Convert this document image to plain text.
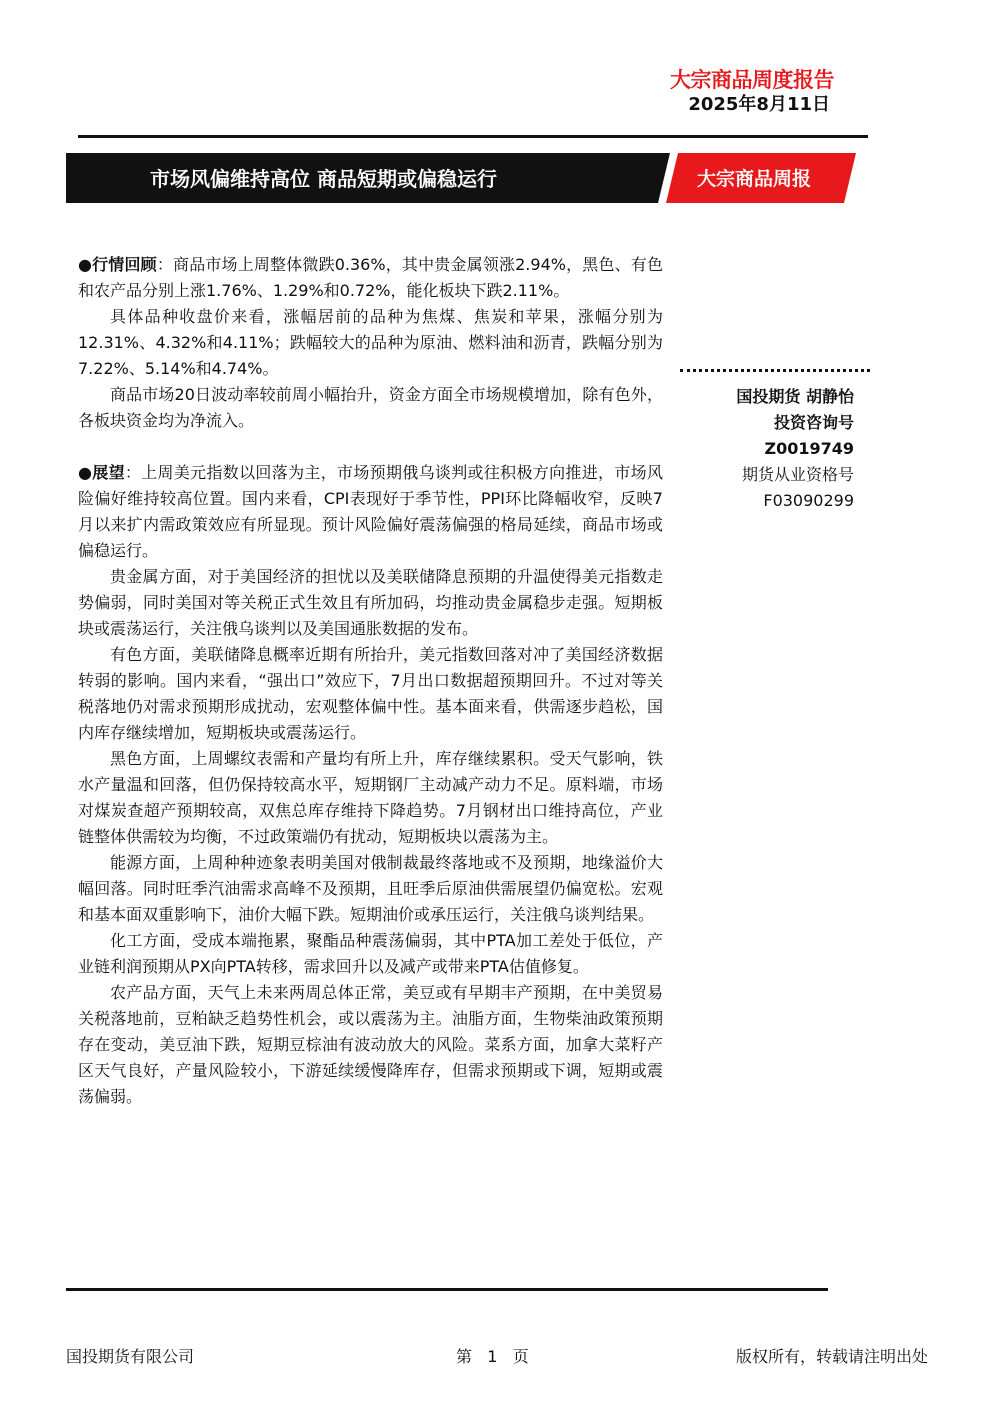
大宗商品周度报告
2025年8月11日
市场风偏维持高位 商品短期或偏稳运行	大宗商品周报

●行情回顾：商品市场上周整体微跌0.36%，其中贵金属领涨2.94%，黑色、有色和农产品分别上涨1.76%、1.29%和0.72%，能化板块下跌2.11%。

具体品种收盘价来看，涨幅居前的品种为焦煤、焦炭和苹果，涨幅分别为12.31%、4.32%和4.11%；跌幅较大的品种为原油、燃料油和沥青，跌幅分别为7.22%、5.14%和4.74%。

商品市场20日波动率较前周小幅抬升，资金方面全市场规模增加，除有色外，各板块资金均为净流入。

●展望：上周美元指数以回落为主，市场预期俄乌谈判或往积极方向推进，市场风险偏好维持较高位置。国内来看，CPI表现好于季节性，PPI环比降幅收窄，反映7月以来扩内需政策效应有所显现。预计风险偏好震荡偏强的格局延续，商品市场或偏稳运行。

贵金属方面，对于美国经济的担忧以及美联储降息预期的升温使得美元指数走势偏弱，同时美国对等关税正式生效且有所加码，均推动贵金属稳步走强。短期板块或震荡运行，关注俄乌谈判以及美国通胀数据的发布。

有色方面，美联储降息概率近期有所抬升，美元指数回落对冲了美国经济数据转弱的影响。国内来看，“强出口”效应下，7月出口数据超预期回升。不过对等关税落地仍对需求预期形成扰动，宏观整体偏中性。基本面来看，供需逐步趋松，国内库存继续增加，短期板块或震荡运行。

黑色方面，上周螺纹表需和产量均有所上升，库存继续累积。受天气影响，铁水产量温和回落，但仍保持较高水平，短期钢厂主动减产动力不足。原料端，市场对煤炭查超产预期较高，双焦总库存维持下降趋势。7月钢材出口维持高位，产业链整体供需较为均衡，不过政策端仍有扰动，短期板块以震荡为主。

能源方面，上周种种迹象表明美国对俄制裁最终落地或不及预期，地缘溢价大幅回落。同时旺季汽油需求高峰不及预期，且旺季后原油供需展望仍偏宽松。宏观和基本面双重影响下，油价大幅下跌。短期油价或承压运行，关注俄乌谈判结果。

化工方面，受成本端拖累，聚酯品种震荡偏弱，其中PTA加工差处于低位，产业链利润预期从PX向PTA转移，需求回升以及减产或带来PTA估值修复。

农产品方面，天气上未来两周总体正常，美豆或有早期丰产预期，在中美贸易关税落地前，豆粕缺乏趋势性机会，或以震荡为主。油脂方面，生物柴油政策预期存在变动，美豆油下跌，短期豆棕油有波动放大的风险。菜系方面，加拿大菜籽产区天气良好，产量风险较小，下游延续缓慢降库存，但需求预期或下调，短期或震荡偏弱。

国投期货 胡静怡
投资咨询号
Z0019749
期货从业资格号
F03090299
国投期货有限公司	第   1   页	版权所有，转载请注明出处
